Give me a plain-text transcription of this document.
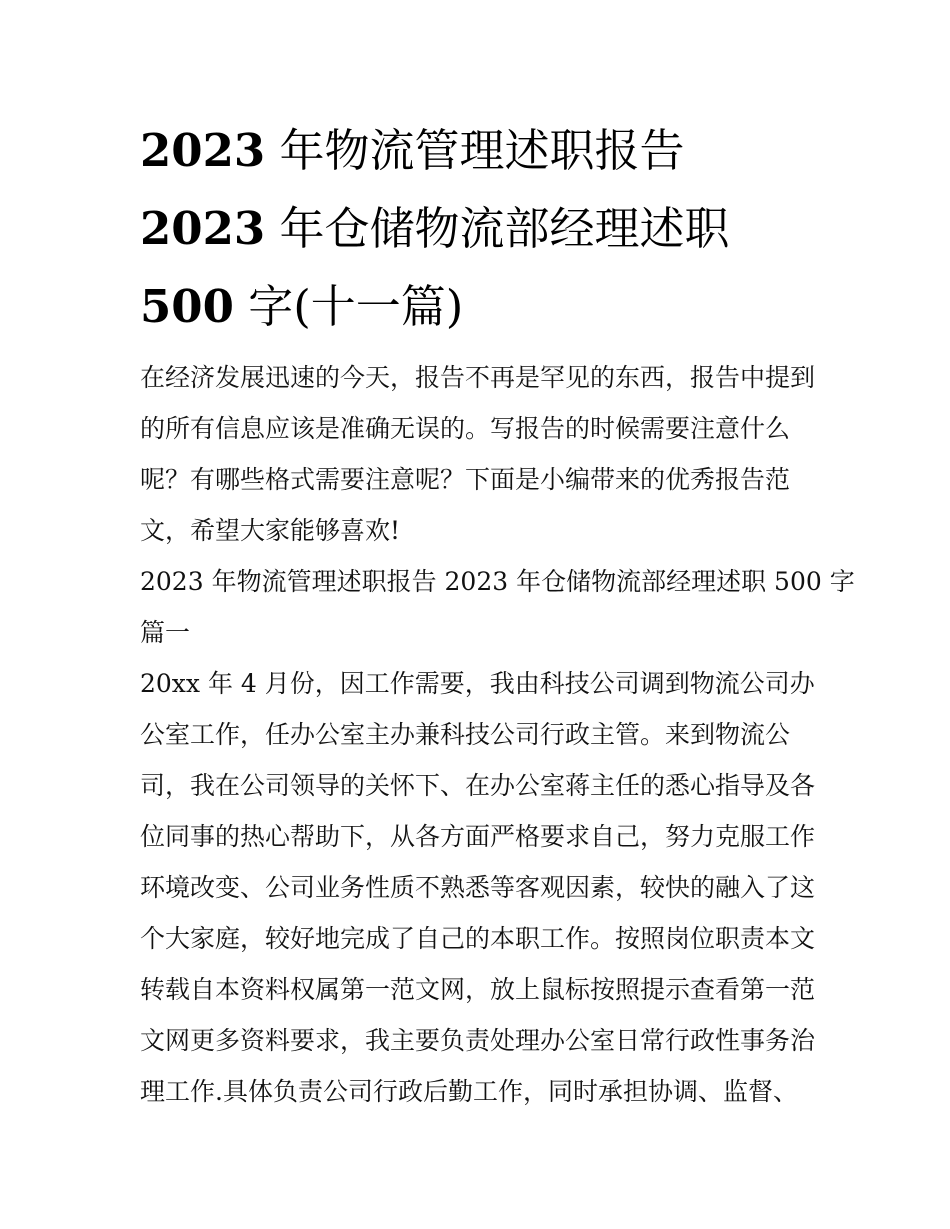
2023 年物流管理述职报告
2023 年仓储物流部经理述职
500 字(十一篇)
在经济发展迅速的今天，报告不再是罕见的东西，报告中提到
的所有信息应该是准确无误的。写报告的时候需要注意什么
呢？有哪些格式需要注意呢？下面是小编带来的优秀报告范
文，希望大家能够喜欢!
2023 年物流管理述职报告 2023 年仓储物流部经理述职 500 字
篇一
20xx 年 4 月份，因工作需要，我由科技公司调到物流公司办
公室工作，任办公室主办兼科技公司行政主管。来到物流公
司，我在公司领导的关怀下、在办公室蒋主任的悉心指导及各
位同事的热心帮助下，从各方面严格要求自己，努力克服工作
环境改变、公司业务性质不熟悉等客观因素，较快的融入了这
个大家庭，较好地完成了自己的本职工作。按照岗位职责本文
转载自本资料权属第一范文网，放上鼠标按照提示查看第一范
文网更多资料要求，我主要负责处理办公室日常行政性事务治
理工作.具体负责公司行政后勤工作，同时承担协调、监督、
